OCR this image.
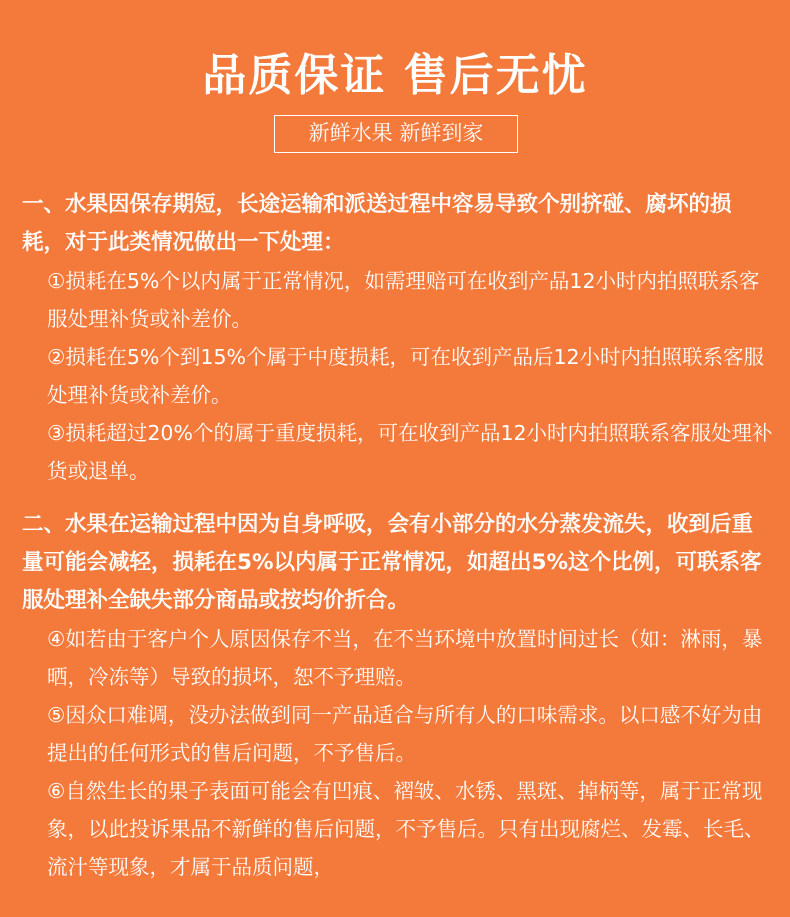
品质保证 售后无忧
新鲜水果 新鲜到家

一、水果因保存期短，长途运输和派送过程中容易导致个别挤碰、腐坏的损耗，对于此类情况做出一下处理：

①损耗在5%个以内属于正常情况，如需理赔可在收到产品12小时内拍照联系客服处理补货或补差价。

②损耗在5%个到15%个属于中度损耗，可在收到产品后12小时内拍照联系客服处理补货或补差价。

③损耗超过20%个的属于重度损耗，可在收到产品12小时内拍照联系客服处理补货或退单。

二、水果在运输过程中因为自身呼吸，会有小部分的水分蒸发流失，收到后重量可能会减轻，损耗在5%以内属于正常情况，如超出5%这个比例，可联系客服处理补全缺失部分商品或按均价折合。

④如若由于客户个人原因保存不当，在不当环境中放置时间过长（如：淋雨，暴晒，冷冻等）导致的损坏，恕不予理赔。

⑤因众口难调，没办法做到同一产品适合与所有人的口味需求。以口感不好为由提出的任何形式的售后问题，不予售后。

⑥自然生长的果子表面可能会有凹痕、褶皱、水锈、黑斑、掉柄等，属于正常现象，以此投诉果品不新鲜的售后问题，不予售后。只有出现腐烂、发霉、长毛、流汁等现象，才属于品质问题，
